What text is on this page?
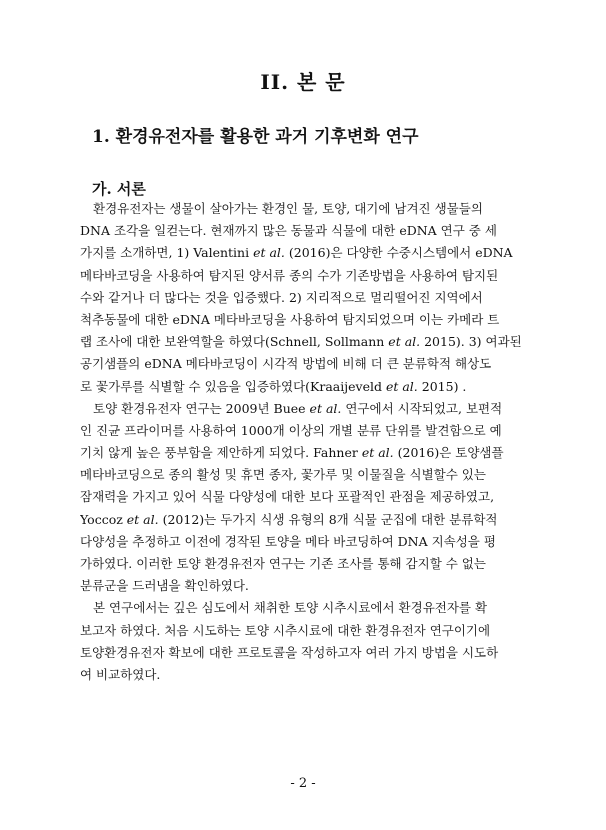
II. 본 문
1. 환경유전자를 활용한 과거 기후변화 연구
가. 서론
환경유전자는 생물이 살아가는 환경인 물, 토양, 대기에 남겨진 생물들의
DNA 조각을 일컫는다. 현재까지 많은 동물과 식물에 대한 eDNA 연구 중 세
가지를 소개하면, 1) Valentini et al. (2016)은 다양한 수중시스템에서 eDNA
메타바코딩을 사용하여 탐지된 양서류 종의 수가 기존방법을 사용하여 탐지된
수와 같거나 더 많다는 것을 입증했다. 2) 지리적으로 멀리떨어진 지역에서
척추동물에 대한 eDNA 메타바코딩을 사용하여 탐지되었으며 이는 카메라 트
랩 조사에 대한 보완역할을 하였다(Schnell, Sollmann et al. 2015). 3) 여과된
공기샘플의 eDNA 메타바코딩이 시각적 방법에 비해 더 큰 분류학적 해상도
로 꽃가루를 식별할 수 있음을 입증하였다(Kraaijeveld et al. 2015) .
토양 환경유전자 연구는 2009년 Buee et al. 연구에서 시작되었고, 보편적
인 진균 프라이머를 사용하여 1000개 이상의 개별 분류 단위를 발견함으로 예
기치 않게 높은 풍부함을 제안하게 되었다. Fahner et al. (2016)은 토양샘플
메타바코딩으로 종의 활성 및 휴면 종자, 꽃가루 및 이물질을 식별할수 있는
잠재력을 가지고 있어 식물 다양성에 대한 보다 포괄적인 관점을 제공하였고,
Yoccoz et al. (2012)는 두가지 식생 유형의 8개 식물 군집에 대한 분류학적
다양성을 추정하고 이전에 경작된 토양을 메타 바코딩하여 DNA 지속성을 평
가하였다. 이러한 토양 환경유전자 연구는 기존 조사를 통해 감지할 수 없는
분류군을 드러냄을 확인하였다.
본 연구에서는 깊은 심도에서 채취한 토양 시추시료에서 환경유전자를 확
보고자 하였다. 처음 시도하는 토양 시추시료에 대한 환경유전자 연구이기에
토양환경유전자 확보에 대한 프로토콜을 작성하고자 여러 가지 방법을 시도하
여 비교하였다.
- 2 -
